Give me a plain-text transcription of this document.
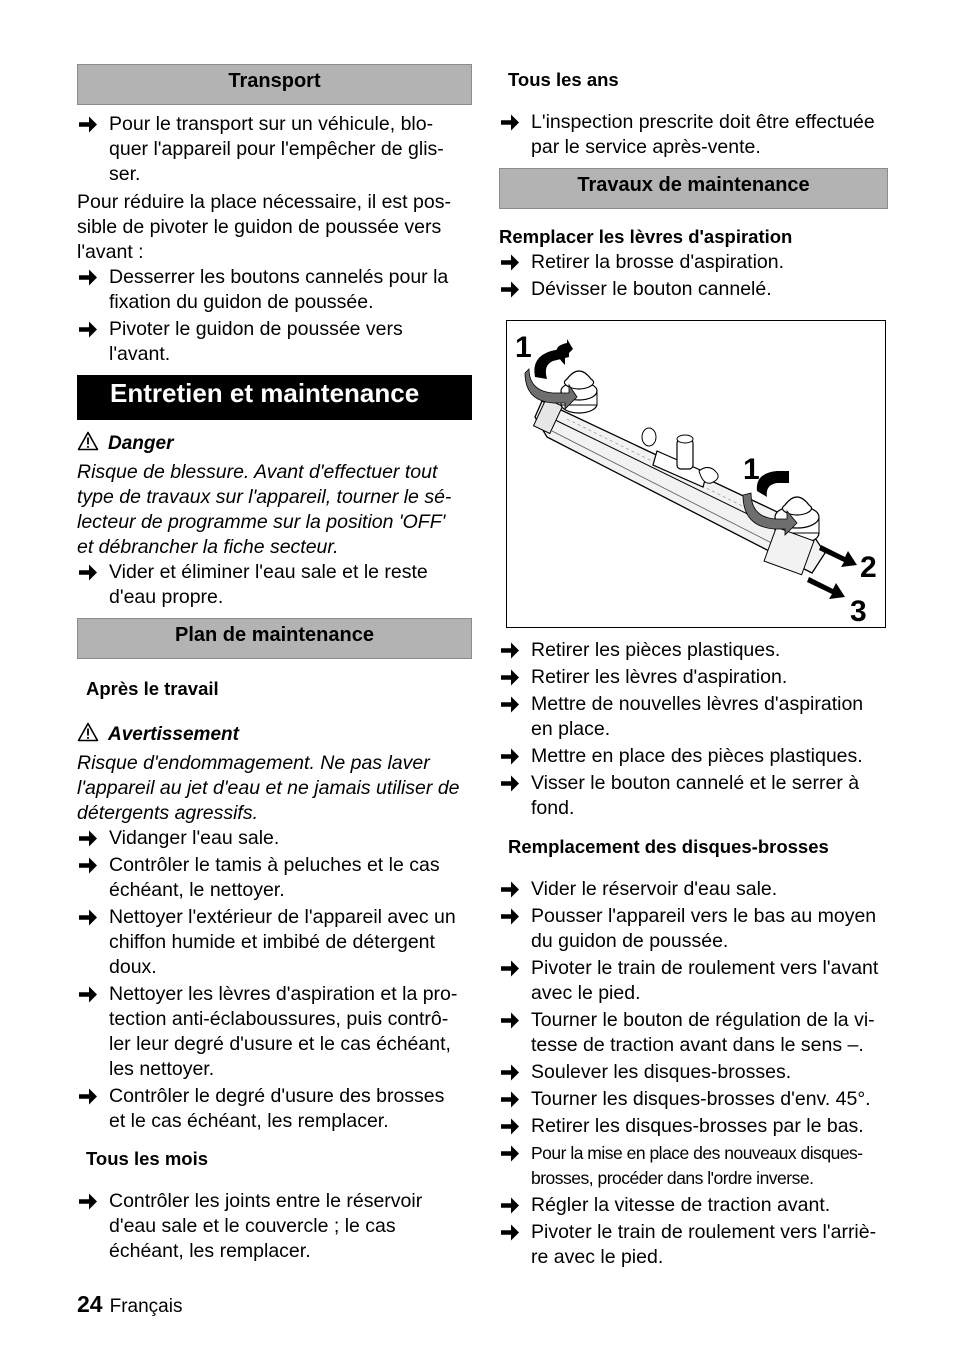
Transport
Pour le transport sur un véhicule, blo-
quer l'appareil pour l'empêcher de glis-
ser.
Pour réduire la place nécessaire, il est pos-
sible de pivoter le guidon de poussée vers
l'avant :
Desserrer les boutons cannelés pour la
fixation du guidon de poussée.
Pivoter le guidon de poussée vers
l'avant.
Entretien et maintenance
Danger
Risque de blessure. Avant d'effectuer tout
type de travaux sur l'appareil, tourner le sé-
lecteur de programme sur la position 'OFF'
et débrancher la fiche secteur.
Vider et éliminer l'eau sale et le reste
d'eau propre.
Plan de maintenance
Après le travail
Avertissement
Risque d'endommagement. Ne pas laver
l'appareil au jet d'eau et ne jamais utiliser de
détergents agressifs.
Vidanger l'eau sale.
Contrôler le tamis à peluches et le cas
échéant, le nettoyer.
Nettoyer l'extérieur de l'appareil avec un
chiffon humide et imbibé de détergent
doux.
Nettoyer les lèvres d'aspiration et la pro-
tection anti-éclaboussures, puis contrô-
ler leur degré d'usure et le cas échéant,
les nettoyer.
Contrôler le degré d'usure des brosses
et le cas échéant, les remplacer.
Tous les mois
Contrôler les joints entre le réservoir
d'eau sale et le couvercle ; le cas
échéant, les remplacer.
Tous les ans
L'inspection prescrite doit être effectuée
par le service après-vente.
Travaux de maintenance
Remplacer les lèvres d'aspiration
Retirer la brosse d'aspiration.
Dévisser le bouton cannelé.
1
1
2
3
Retirer les pièces plastiques.
Retirer les lèvres d'aspiration.
Mettre de nouvelles lèvres d'aspiration
en place.
Mettre en place des pièces plastiques.
Visser le bouton cannelé et le serrer à
fond.
Remplacement des disques-brosses
Vider le réservoir d'eau sale.
Pousser l'appareil vers le bas au moyen
du guidon de poussée.
Pivoter le train de roulement vers l'avant
avec le pied.
Tourner le bouton de régulation de la vi-
tesse de traction avant dans le sens –.
Soulever les disques-brosses.
Tourner les disques-brosses d'env. 45°.
Retirer les disques-brosses par le bas.
Pour la mise en place des nouveaux disques-
brosses, procéder dans l'ordre inverse.
Régler la vitesse de traction avant.
Pivoter le train de roulement vers l'arriè-
re avec le pied.
24 Français
